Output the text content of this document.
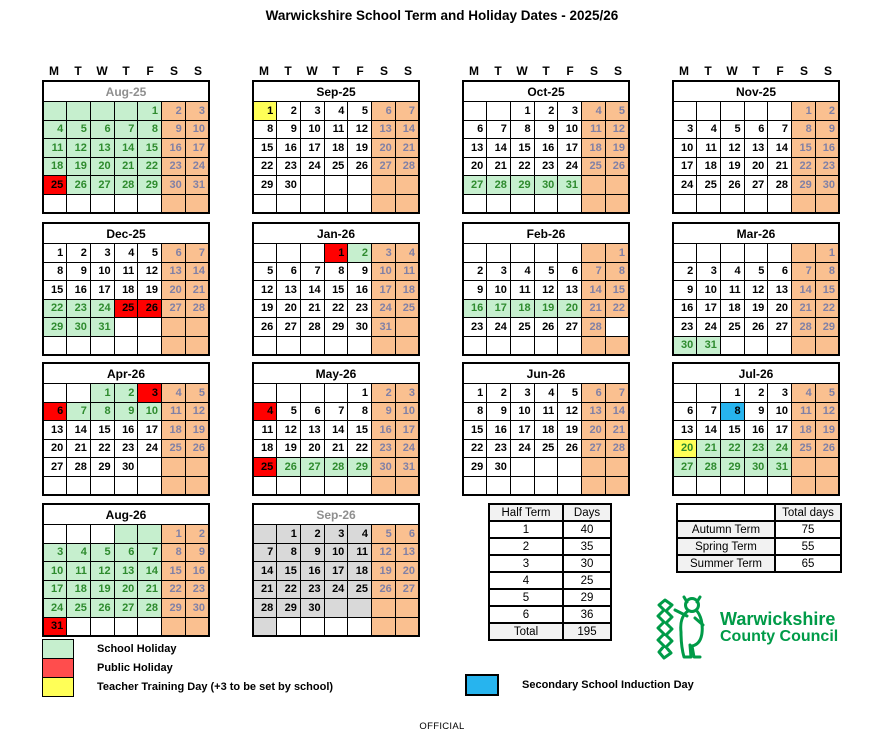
Warwickshire School Term and Holiday Dates - 2025/26
M	T	W	T	F	S	S
Aug-25						
				1	2	3
4	5	6	7	8	9	10
11	12	13	14	15	16	17
18	19	20	21	22	23	24
25	26	27	28	29	30	31

M	T	W	T	F	S	S
Sep-25						
1	2	3	4	5	6	7
8	9	10	11	12	13	14
15	16	17	18	19	20	21
22	23	24	25	26	27	28
29	30					

M	T	W	T	F	S	S
Oct-25						
		1	2	3	4	5
6	7	8	9	10	11	12
13	14	15	16	17	18	19
20	21	22	23	24	25	26
27	28	29	30	31		

M	T	W	T	F	S	S
Nov-25						
					1	2
3	4	5	6	7	8	9
10	11	12	13	14	15	16
17	18	19	20	21	22	23
24	25	26	27	28	29	30

Dec-25						
1	2	3	4	5	6	7
8	9	10	11	12	13	14
15	16	17	18	19	20	21
22	23	24	25	26	27	28
29	30	31				

Jan-26						
			1	2	3	4
5	6	7	8	9	10	11
12	13	14	15	16	17	18
19	20	21	22	23	24	25
26	27	28	29	30	31	

Feb-26						
						1
2	3	4	5	6	7	8
9	10	11	12	13	14	15
16	17	18	19	20	21	22
23	24	25	26	27	28	

Mar-26						
						1
2	3	4	5	6	7	8
9	10	11	12	13	14	15
16	17	18	19	20	21	22
23	24	25	26	27	28	29
30	31					
Apr-26						
		1	2	3	4	5
6	7	8	9	10	11	12
13	14	15	16	17	18	19
20	21	22	23	24	25	26
27	28	29	30			

May-26						
				1	2	3
4	5	6	7	8	9	10
11	12	13	14	15	16	17
18	19	20	21	22	23	24
25	26	27	28	29	30	31

Jun-26						
1	2	3	4	5	6	7
8	9	10	11	12	13	14
15	16	17	18	19	20	21
22	23	24	25	26	27	28
29	30					

Jul-26						
		1	2	3	4	5
6	7	8	9	10	11	12
13	14	15	16	17	18	19
20	21	22	23	24	25	26
27	28	29	30	31		

Aug-26						
					1	2
3	4	5	6	7	8	9
10	11	12	13	14	15	16
17	18	19	20	21	22	23
24	25	26	27	28	29	30
31						
Sep-26						
	1	2	3	4	5	6
7	8	9	10	11	12	13
14	15	16	17	18	19	20
21	22	23	24	25	26	27
28	29	30				

Half Term	Days
1	40
2	35
3	30
4	25
5	29
6	36
Total	195
	Total days
Autumn Term	75
Spring Term	55
Summer Term	65
School Holiday
Public Holiday
Teacher Training Day (+3 to be set by school)	Secondary School Induction Day
Warwickshire
County Council
OFFICIAL
